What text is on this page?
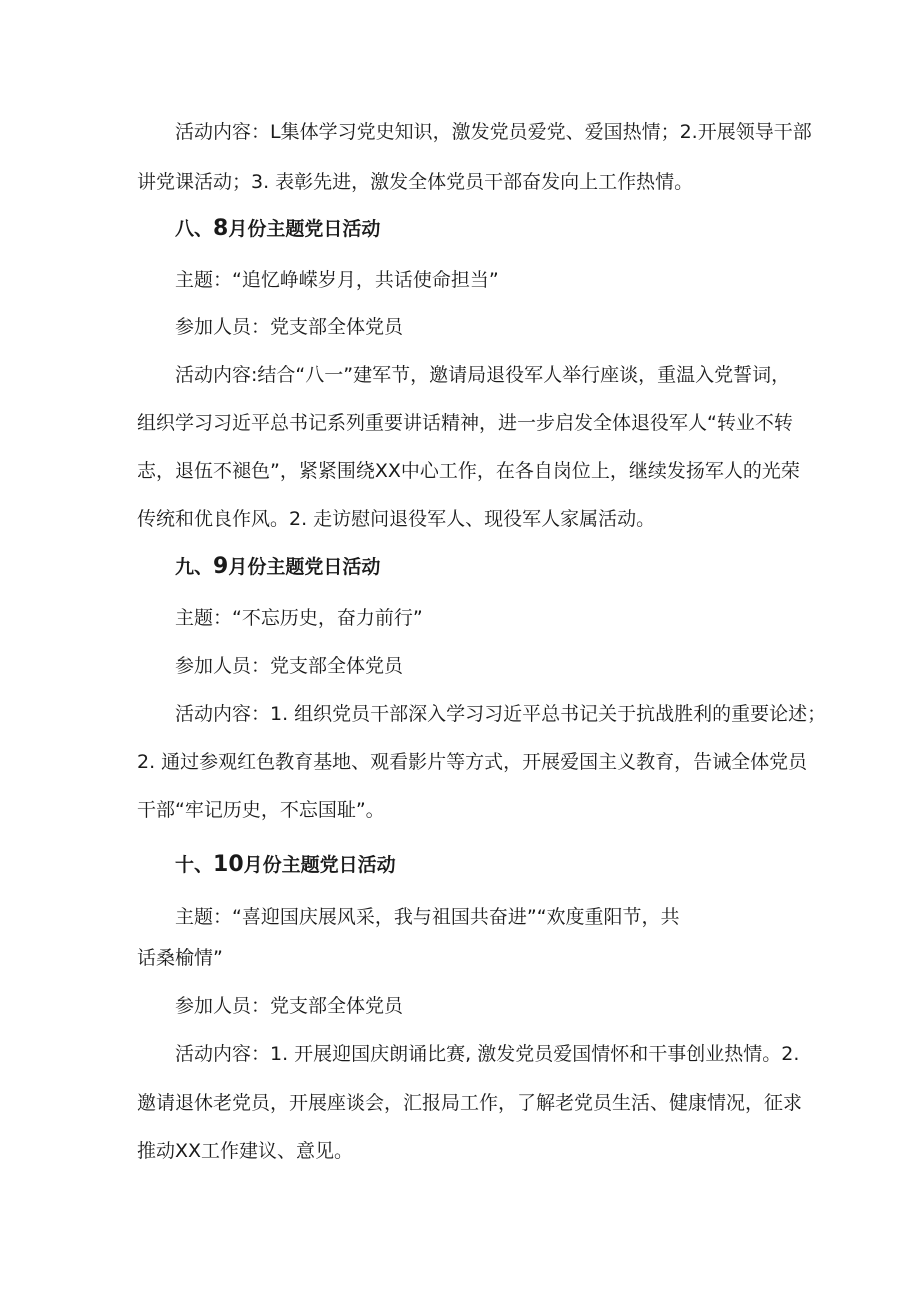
活动内容：L集体学习党史知识，激发党员爱党、爱国热情；2.开展领导干部
讲党课活动；3. 表彰先进，激发全体党员干部奋发向上工作热情。
八、8月份主题党日活动
主题：“追忆峥嵘岁月，共话使命担当”
参加人员：党支部全体党员
活动内容:结合“八一”建军节，邀请局退役军人举行座谈，重温入党誓词，
组织学习习近平总书记系列重要讲话精神，进一步启发全体退役军人“转业不转
志，退伍不褪色”，紧紧围绕XX中心工作，在各自岗位上，继续发扬军人的光荣
传统和优良作风。2. 走访慰问退役军人、现役军人家属活动。
九、9月份主题党日活动
主题：“不忘历史，奋力前行”
参加人员：党支部全体党员
活动内容：1. 组织党员干部深入学习习近平总书记关于抗战胜利的重要论述；
2. 通过参观红色教育基地、观看影片等方式，开展爱国主义教育，告诫全体党员
干部“牢记历史，不忘国耻”。
十、10月份主题党日活动
主题：“喜迎国庆展风采，我与祖国共奋进”“欢度重阳节，共
话桑榆情”
参加人员：党支部全体党员
活动内容：1. 开展迎国庆朗诵比赛, 激发党员爱国情怀和干事创业热情。2.
邀请退休老党员，开展座谈会，汇报局工作，了解老党员生活、健康情况，征求
推动XX工作建议、意见。
